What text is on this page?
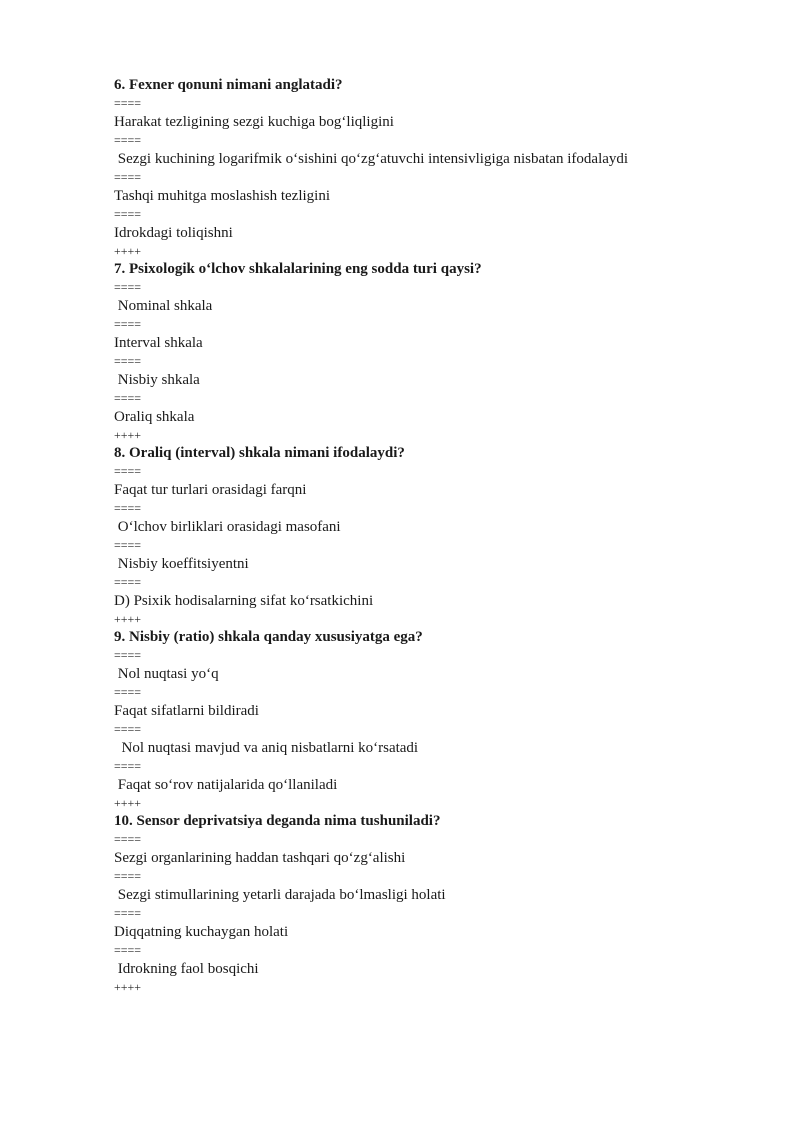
6. Fexner qonuni nimani anglatadi?
====
Harakat tezligining sezgi kuchiga bog‘liqligini
====
Sezgi kuchining logarifmik o‘sishini qo‘zg‘atuvchi intensivligiga nisbatan ifodalaydi
====
Tashqi muhitga moslashish tezligini
====
Idrokdagi toliqishni
++++
7. Psixologik o‘lchov shkalalarining eng sodda turi qaysi?
====
Nominal shkala
====
Interval shkala
====
Nisbiy shkala
====
Oraliq shkala
++++
8. Oraliq (interval) shkala nimani ifodalaydi?
====
Faqat tur turlari orasidagi farqni
====
O‘lchov birliklari orasidagi masofani
====
Nisbiy koeffitsiyentni
====
D) Psixik hodisalarning sifat ko‘rsatkichini
++++
9. Nisbiy (ratio) shkala qanday xususiyatga ega?
====
Nol nuqtasi yo‘q
====
Faqat sifatlarni bildiradi
====
Nol nuqtasi mavjud va aniq nisbatlarni ko‘rsatadi
====
Faqat so‘rov natijalarida qo‘llaniladi
++++
10. Sensor deprivatsiya deganda nima tushuniladi?
====
Sezgi organlarining haddan tashqari qo‘zg‘alishi
====
Sezgi stimullarining yetarli darajada bo‘lmasligi holati
====
Diqqatning kuchaygan holati
====
Idrokning faol bosqichi
++++
